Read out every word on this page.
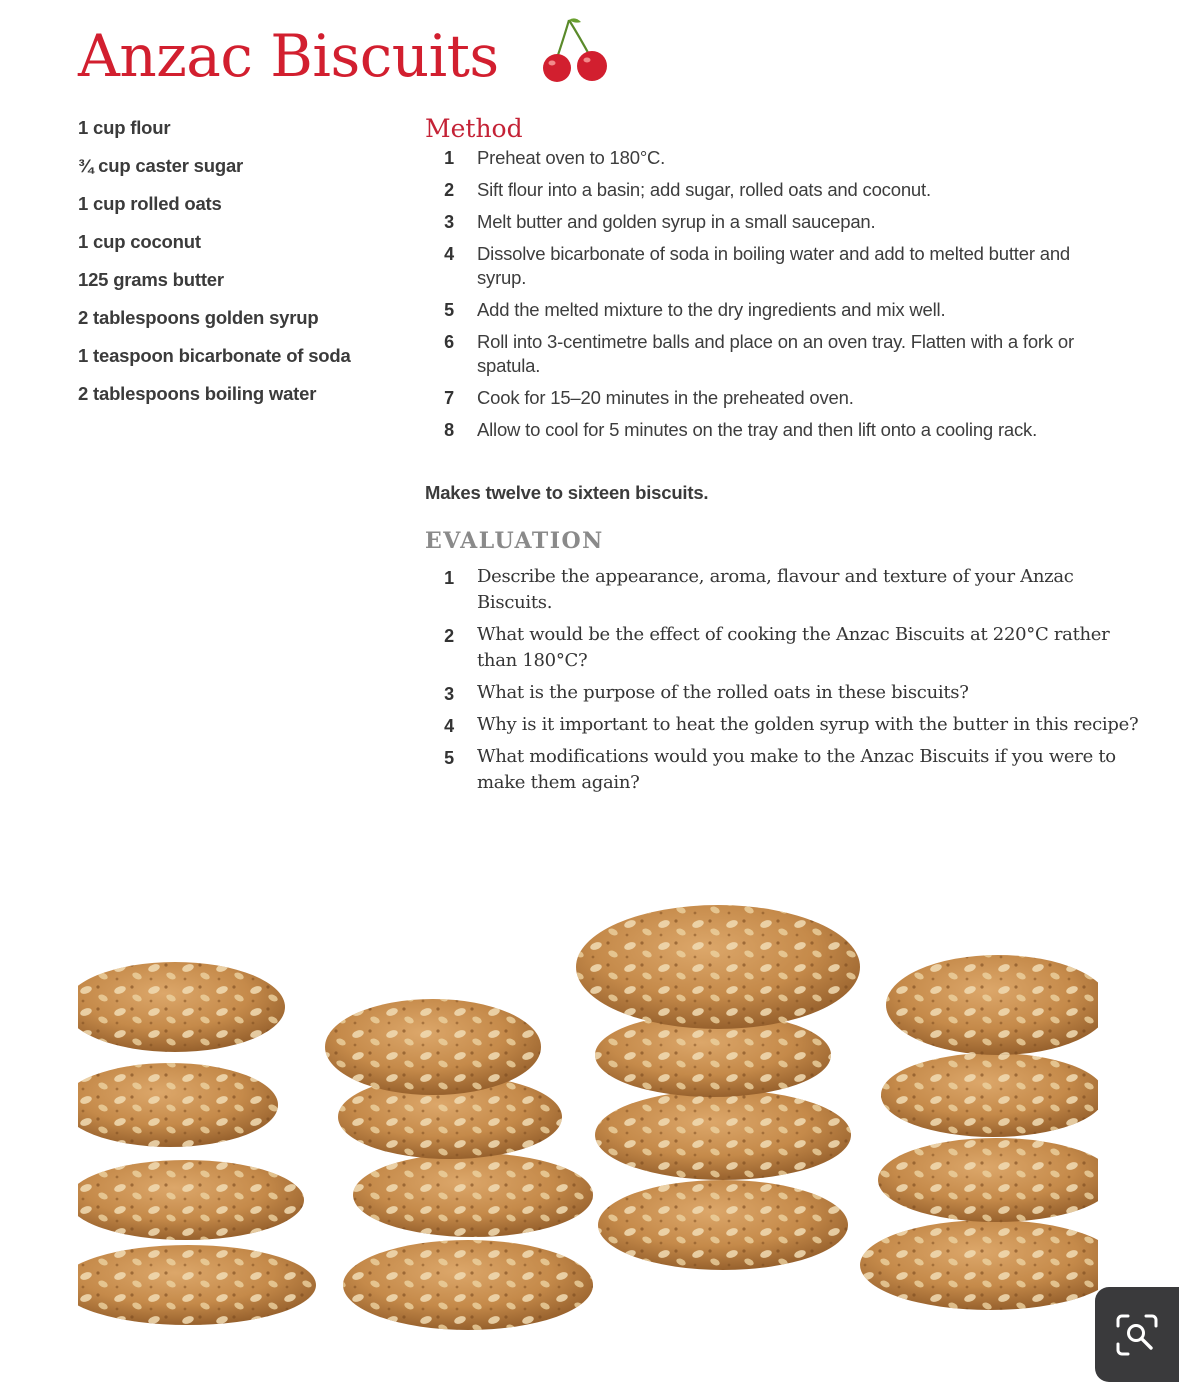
Anzac Biscuits
1 cup flour
¾ cup caster sugar
1 cup rolled oats
1 cup coconut
125 grams butter
2 tablespoons golden syrup
1 teaspoon bicarbonate of soda
2 tablespoons boiling water
Method
1 Preheat oven to 180°C.
2 Sift flour into a basin; add sugar, rolled oats and coconut.
3 Melt butter and golden syrup in a small saucepan.
4 Dissolve bicarbonate of soda in boiling water and add to melted butter and syrup.
5 Add the melted mixture to the dry ingredients and mix well.
6 Roll into 3-centimetre balls and place on an oven tray. Flatten with a fork or spatula.
7 Cook for 15–20 minutes in the preheated oven.
8 Allow to cool for 5 minutes on the tray and then lift onto a cooling rack.

Makes twelve to sixteen biscuits.

EVALUATION
1 Describe the appearance, aroma, flavour and texture of your Anzac Biscuits.
2 What would be the effect of cooking the Anzac Biscuits at 220°C rather than 180°C?
3 What is the purpose of the rolled oats in these biscuits?
4 Why is it important to heat the golden syrup with the butter in this recipe?
5 What modifications would you make to the Anzac Biscuits if you were to make them again?
